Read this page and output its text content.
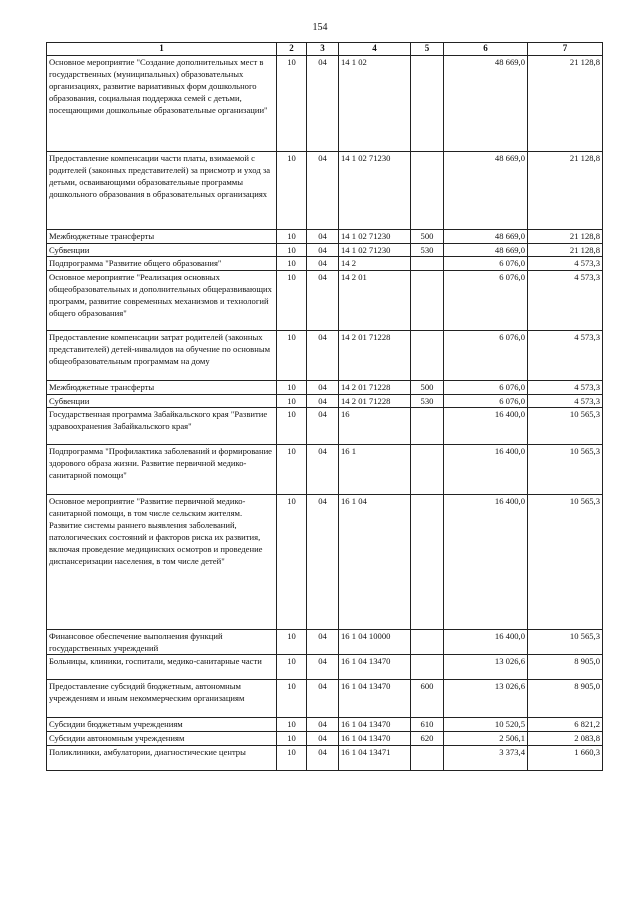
154
1	2	3	4	5	6	7
Основное мероприятие "Создание дополнительных мест в государственных (муниципальных) образовательных организациях, развитие вариативных форм дошкольного образования, социальная поддержка семей с детьми, посещающими дошкольные образовательные организации"	10	04	14 1 02		48 669,0	21 128,8
Предоставление компенсации части платы, взимаемой с родителей (законных представителей) за присмотр и уход за детьми, осваивающими образовательные программы дошкольного образования в образовательных организациях	10	04	14 1 02 71230		48 669,0	21 128,8
Межбюджетные трансферты	10	04	14 1 02 71230	500	48 669,0	21 128,8
Субвенции	10	04	14 1 02 71230	530	48 669,0	21 128,8
Подпрограмма "Развитие общего образования"	10	04	14 2		6 076,0	4 573,3
Основное мероприятие "Реализация основных общеобразовательных и дополнительных общеразвивающих программ, развитие современных механизмов и технологий общего образования"	10	04	14 2 01		6 076,0	4 573,3
Предоставление компенсации затрат родителей (законных представителей) детей-инвалидов на обучение по основным общеобразовательным программам на дому	10	04	14 2 01 71228		6 076,0	4 573,3
Межбюджетные трансферты	10	04	14 2 01 71228	500	6 076,0	4 573,3
Субвенции	10	04	14 2 01 71228	530	6 076,0	4 573,3
Государственная программа Забайкальского края "Развитие здравоохранения Забайкальского края"	10	04	16		16 400,0	10 565,3
Подпрограмма "Профилактика заболеваний и формирование здорового образа жизни. Развитие первичной медико-санитарной помощи"	10	04	16 1		16 400,0	10 565,3
Основное мероприятие "Развитие первичной медико-санитарной помощи, в том числе сельским жителям. Развитие системы раннего выявления заболеваний, патологических состояний и факторов риска их развития, включая проведение медицинских осмотров и проведение диспансеризации населения, в том числе детей"	10	04	16 1 04		16 400,0	10 565,3
Финансовое обеспечение выполнения функций государственных учреждений	10	04	16 1 04 10000		16 400,0	10 565,3
Больницы, клиники, госпитали, медико-санитарные части	10	04	16 1 04 13470		13 026,6	8 905,0
Предоставление субсидий бюджетным, автономным учреждениям и иным некоммерческим организациям	10	04	16 1 04 13470	600	13 026,6	8 905,0
Субсидии бюджетным учреждениям	10	04	16 1 04 13470	610	10 520,5	6 821,2
Субсидии автономным учреждениям	10	04	16 1 04 13470	620	2 506,1	2 083,8
Поликлиники, амбулатории, диагностические центры	10	04	16 1 04 13471		3 373,4	1 660,3
